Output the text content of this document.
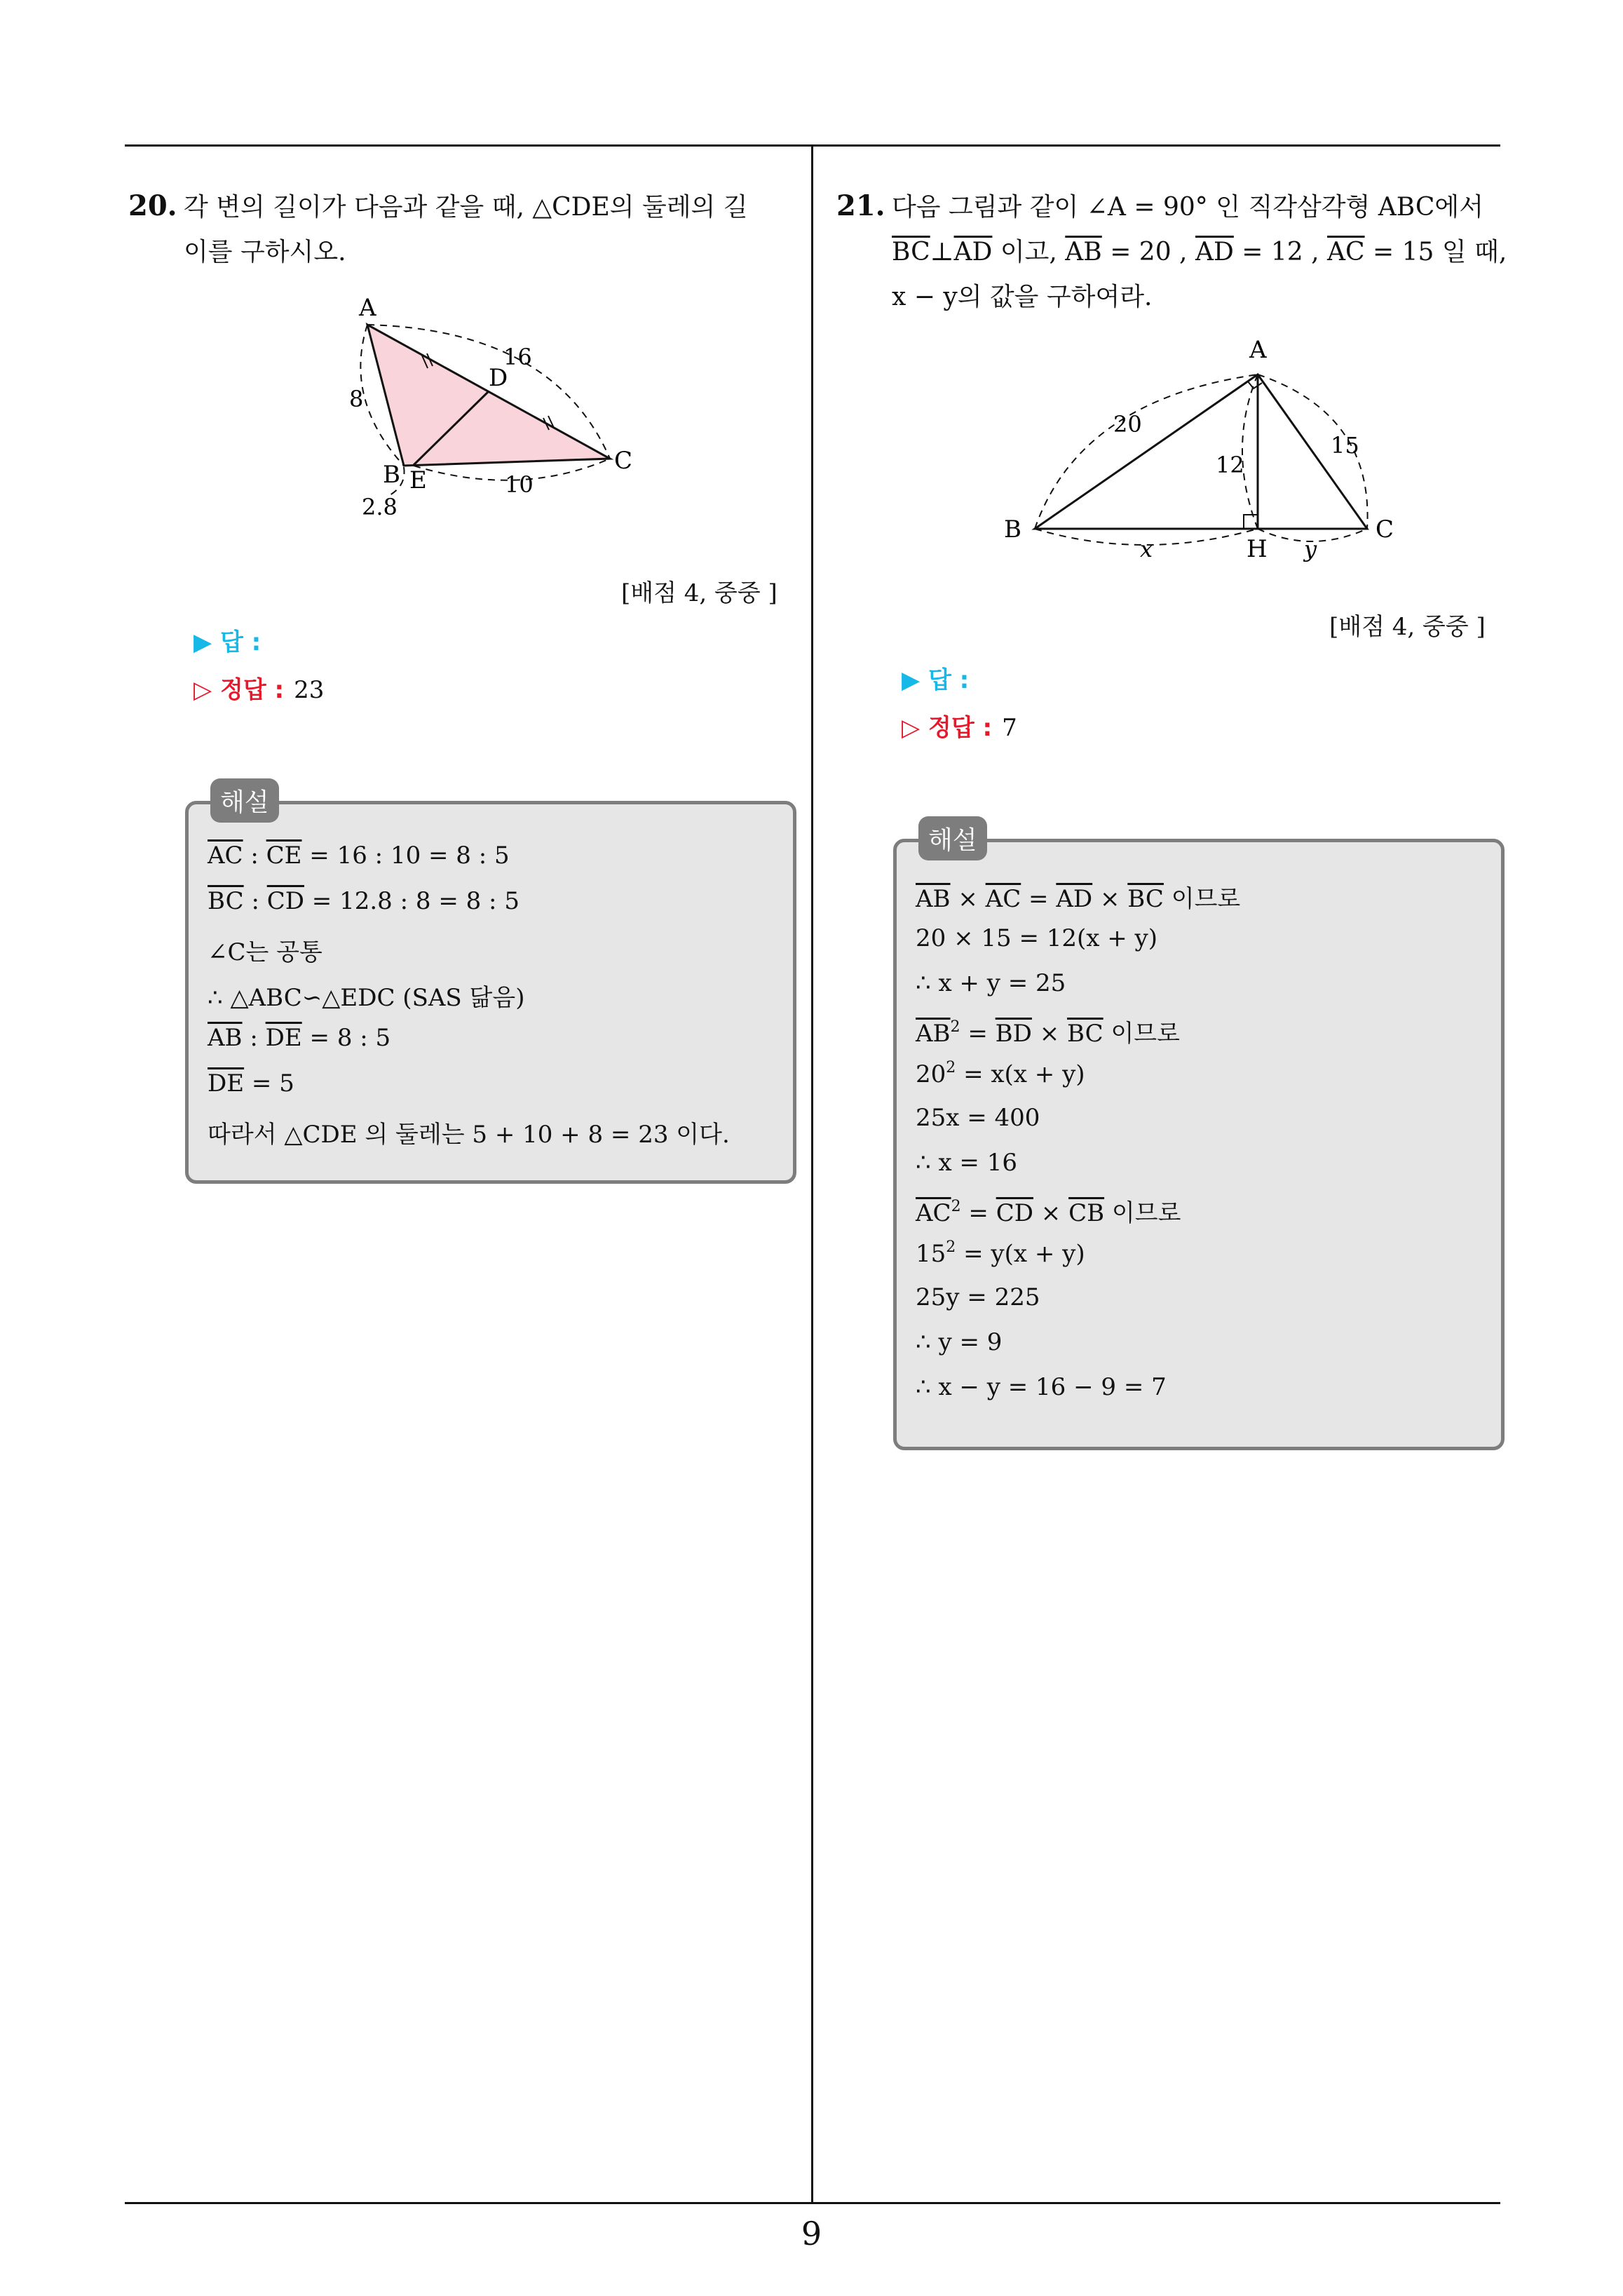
9
20. 각 변의 길이가 다음과 같을 때, △CDE의 둘레의 길
이를 구하시오.
A
D
B E
C
8
16
10
2.8
[배점 4, 중중 ]
▶ 답 :
▷ 정답 : 23
해설
$\overline{AC}$ : $\overline{CE} = 16$ : 10 = 8 : 5
$\overline{BC}$ : $\overline{CD} = 12.8$ : 8 = 8 : 5
∠C는 공통
∴ △ABC∽△EDC (SAS 닮음)
$\overline{AB}$ : $\overline{DE} = 8$ : 5
$\overline{DE} = 5$
따라서 △CDE 의 둘레는 5 + 10 + 8 = 23 이다.
21. 다음 그림과 같이 ∠A = 90° 인 직각삼각형 ABC에서
$\overline{BC}\perp\overline{AD}$ 이고, $\overline{AB} = 20$ , $\overline{AD} = 12$ , $\overline{AC} = 15$ 일 때,
x − y의 값을 구하여라.
A
B	C
H
20
15
12
x	y
[배점 4, 중중 ]
▶ 답 :
▷ 정답 : 7
해설
$\overline{AB} \times \overline{AC} = \overline{AD} \times \overline{BC}$ 이므로
20 × 15 = 12(x + y)
∴ x + y = 25
$\overline{AB}^2 = \overline{BD} \times \overline{BC}$ 이므로
$20^2 = x(x + y)$
25x = 400
∴ x = 16
$\overline{AC}^2 = \overline{CD} \times \overline{CB}$ 이므로
$15^2 = y(x + y)$
25y = 225
∴ y = 9
∴ x − y = 16 − 9 = 7
